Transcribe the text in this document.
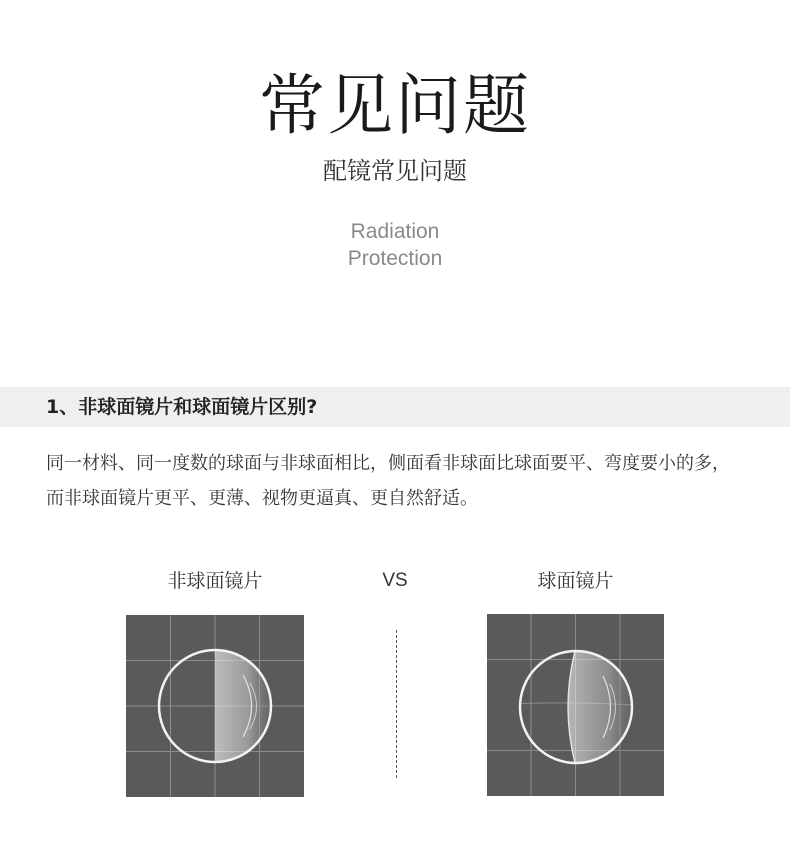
常见问题
配镜常见问题
Radiation
Protection
1、非球面镜片和球面镜片区别?
同一材料、同一度数的球面与非球面相比，侧面看非球面比球面要平、弯度要小的多，而非球面镜片更平、更薄、视物更逼真、更自然舒适。
非球面镜片	VS	球面镜片
